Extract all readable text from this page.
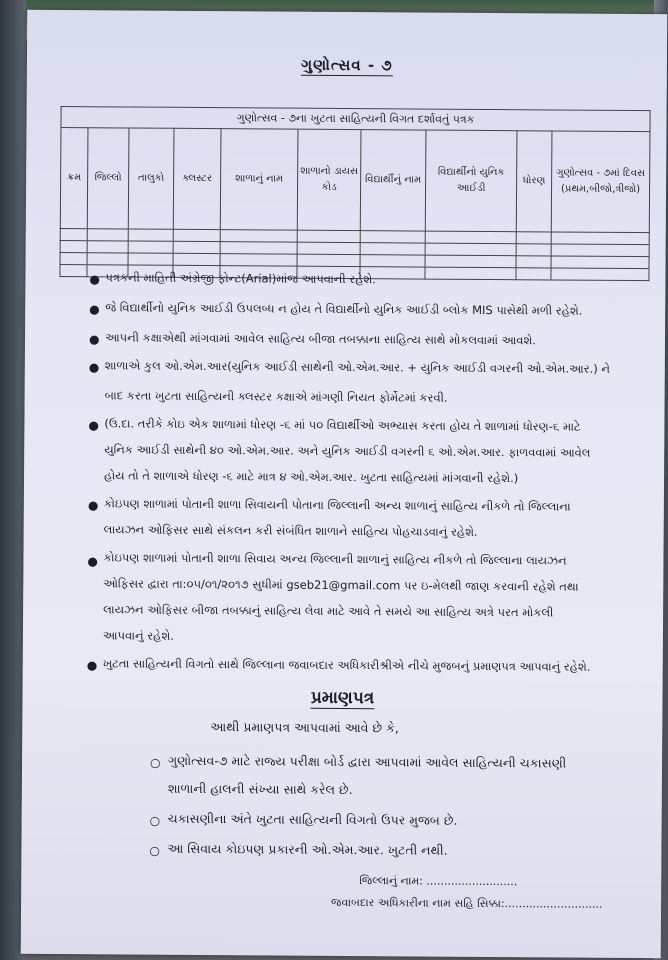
ગુણોત્સવ - ૭
ગુણોત્સવ - ૭ના ખુટતા સાહિત્યની વિગત દર્શાવતું પત્રક									
ક્રમ	જિલ્લો	તાલુકો	ક્લસ્ટર	શાળાનું નામ	શાળાનો ડાયસ કોડ	વિદ્યાર્થીનું નામ	વિદ્યાર્થીનો યુનિક આઈડી	ધોરણ	ગુણોત્સવ - ૭માં દિવસ (પ્રથમ,બીજો,ત્રીજો)

● પત્રકની માહિતી અંગ્રેજી ફોન્ટ(Arial)માંજ આપવાની રહેશે.
● જે વિદ્યાર્થીનો યુનિક આઈડી ઉપલબ્ધ ન હોય તે વિદ્યાર્થીનો યુનિક આઈડી બ્લોક MIS પાસેથી મળી રહેશે.
● આપની કક્ષાએથી માંગવામાં આવેલ સાહિત્ય બીજા તબક્કાના સાહિત્ય સાથે મોકલવામાં આવશે.
● શાળાએ કુલ ઓ.એમ.આર(યુનિક આઈડી સાથેની ઓ.એમ.આર. + યુનિક આઈડી વગરની ઓ.એમ.આર.) ને
બાદ કરતા ખુટતા સાહિત્યની ક્લસ્ટર કક્ષાએ માંગણી નિયત ફોર્મેટમાં કરવી.
● (ઉ.દા. તરીકે કોઇ એક શાળામાં ધોરણ -૬ માં ૫૦ વિદ્યાર્થીઓ અભ્યાસ કરતા હોય તે શાળામાં ધોરણ-૬ માટે
યુનિક આઈડી સાથેની ૪૦ ઓ.એમ.આર. અને યુનિક આઈડી વગરની ૬ ઓ.એમ.આર. ફાળવવામાં આવેલ
હોય તો તે શાળાએ ધોરણ -૬ માટે માત્ર ૪ ઓ.એમ.આર. ખુટતા સાહિત્યમાં માંગવાની રહેશે.)
● કોઇપણ શાળામાં પોતાની શાળા સિવાયની પોતાના જિલ્લાની અન્ય શાળાનું સાહિત્ય નીકળે તો જિલ્લાના
લાયઝન ઓફિસર સાથે સંકલન કરી સંબંધિત શાળાને સાહિત્ય પોહચાડવાનું રહેશે.
● કોઇપણ શાળામાં પોતાની શાળા સિવાય અન્ય જિલ્લાની શાળાનું સાહિત્ય નીકળે તો જિલ્લાના લાયઝન
ઓફિસર દ્વારા તા:૦૫/૦૧/૨૦૧૭ સુધીમાં gseb21@gmail.com પર ઇ-મેલથી જાણ કરવાની રહેશે તથા
લાયઝન ઓફિસર બીજા તબક્કાનું સાહિત્ય લેવા માટે આવે તે સમયે આ સાહિત્ય અત્રે પરત મોકલી
આપવાનું રહેશે.
● ખુટતા સાહિત્યની વિગતો સાથે જિલ્લાના જવાબદાર અધિકારીશ્રીએ નીચે મુજબનું પ્રમાણપત્ર આપવાનું રહેશે.
પ્રમાણપત્ર
આથી પ્રમાણપત્ર આપવામાં આવે છે કે,
○ ગુણોત્સવ-૭ માટે રાજ્ય પરીક્ષા બોર્ડ દ્વારા આપવામાં આવેલ સાહિત્યની ચકાસણી
શાળાની હાલની સંખ્યા સાથે કરેલ છે.
○ ચકાસણીના અંતે ખુટતા સાહિત્યની વિગતો ઉપર મુજબ છે.
○ આ સિવાય કોઇપણ પ્રકારની ઓ.એમ.આર. ખુટતી નથી.
જિલ્લાનું નામ: ..........................
જવાબદાર અધિકારીના નામ સહિ સિક્કા:............................
